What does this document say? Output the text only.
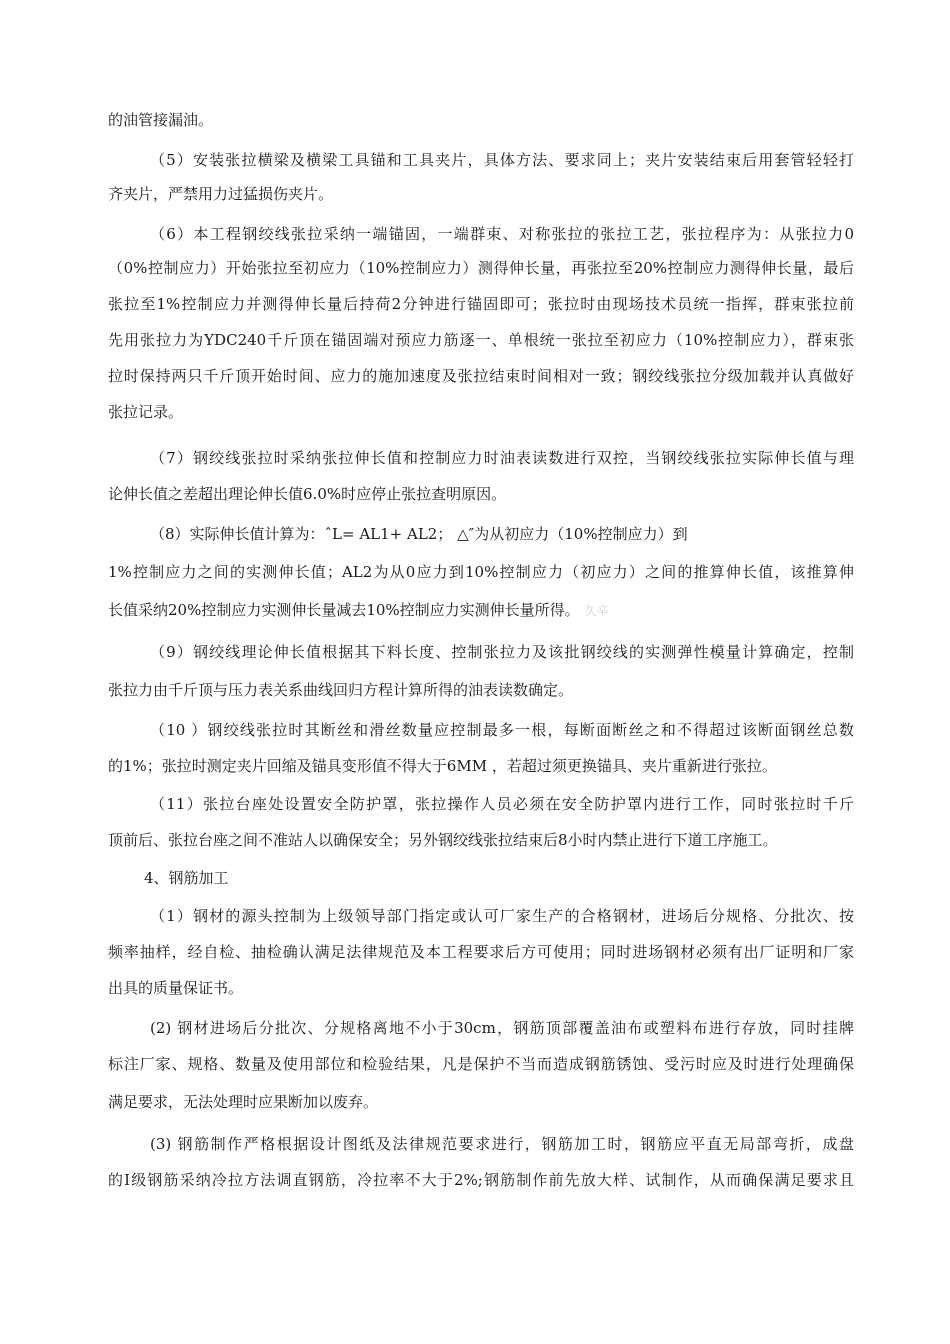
的油管接漏油。
（5）安装张拉横梁及横梁工具锚和工具夹片，具体方法、要求同上；夹片安装结束后用套管轻轻打
齐夹片，严禁用力过猛损伤夹片。
（6）本工程钢绞线张拉采纳一端锚固，一端群束、对称张拉的张拉工艺，张拉程序为：从张拉力0
（0%控制应力）开始张拉至初应力（10%控制应力）测得伸长量，再张拉至20%控制应力测得伸长量，最后
张拉至1%控制应力并测得伸长量后持荷2分钟进行锚固即可；张拉时由现场技术员统一指挥，群束张拉前
先用张拉力为YDC240千斤顶在锚固端对预应力筋逐一、单根统一张拉至初应力（10%控制应力），群束张
拉时保持两只千斤顶开始时间、应力的施加速度及张拉结束时间相对一致；钢绞线张拉分级加载并认真做好
张拉记录。
（7）钢绞线张拉时采纳张拉伸长值和控制应力时油表读数进行双控，当钢绞线张拉实际伸长值与理
论伸长值之差超出理论伸长值6.0%时应停止张拉查明原因。
（8）实际伸长值计算为：ˆL= AL1+ AL2； △″为从初应力（10%控制应力）到
1%控制应力之间的实测伸长值；AL2为从0应力到10%控制应力（初应力）之间的推算伸长值，该推算伸
长值采纳20%控制应力实测伸长量减去10%控制应力实测伸长量所得。 久辛
（9）钢绞线理论伸长值根据其下料长度、控制张拉力及该批钢绞线的实测弹性模量计算确定，控制
张拉力由千斤顶与压力表关系曲线回归方程计算所得的油表读数确定。
（10 ）钢绞线张拉时其断丝和滑丝数量应控制最多一根，每断面断丝之和不得超过该断面钢丝总数
的1%；张拉时测定夹片回缩及锚具变形值不得大于6MM ，若超过须更换锚具、夹片重新进行张拉。
（11）张拉台座处设置安全防护罩，张拉操作人员必须在安全防护罩内进行工作，同时张拉时千斤
顶前后、张拉台座之间不准站人以确保安全；另外钢绞线张拉结束后8小时内禁止进行下道工序施工。
4、钢筋加工
（1）钢材的源头控制为上级领导部门指定或认可厂家生产的合格钢材，进场后分规格、分批次、按
频率抽样，经自检、抽检确认满足法律规范及本工程要求后方可使用；同时进场钢材必须有出厂证明和厂家
出具的质量保证书。
(2) 钢材进场后分批次、分规格离地不小于30cm，钢筋顶部覆盖油布或塑料布进行存放，同时挂牌
标注厂家、规格、数量及使用部位和检验结果，凡是保护不当而造成钢筋锈蚀、受污时应及时进行处理确保
满足要求，无法处理时应果断加以废弃。
(3) 钢筋制作严格根据设计图纸及法律规范要求进行，钢筋加工时，钢筋应平直无局部弯折，成盘
的Ⅰ级钢筋采纳冷拉方法调直钢筋，冷拉率不大于2%;钢筋制作前先放大样、试制作，从而确保满足要求且
